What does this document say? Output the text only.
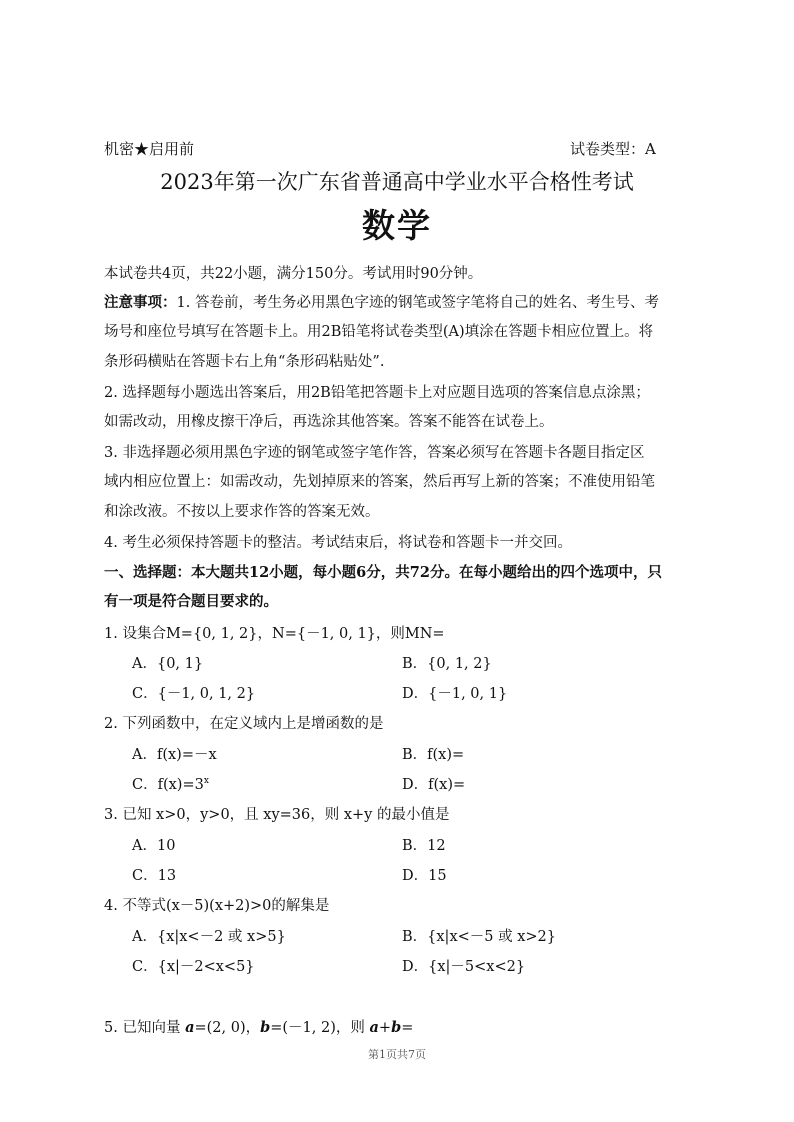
机密★启用前	试卷类型：A
2023年第一次广东省普通高中学业水平合格性考试
数学
本试卷共4页，共22小题，满分150分。考试用时90分钟。
注意事项：1. 答卷前，考生务必用黑色字迹的钢笔或签字笔将自己的姓名、考生号、考
场号和座位号填写在答题卡上。用2B铅笔将试卷类型(A)填涂在答题卡相应位置上。将
条形码横贴在答题卡右上角“条形码粘贴处”.
2. 选择题每小题选出答案后，用2B铅笔把答题卡上对应题目选项的答案信息点涂黑；
如需改动，用橡皮擦干净后，再选涂其他答案。答案不能答在试卷上。
3. 非选择题必须用黑色字迹的钢笔或签字笔作答，答案必须写在答题卡各题目指定区
域内相应位置上：如需改动，先划掉原来的答案，然后再写上新的答案；不准使用铅笔
和涂改液。不按以上要求作答的答案无效。
4. 考生必须保持答题卡的整洁。考试结束后，将试卷和答题卡一并交回。
一、选择题：本大题共12小题，每小题6分，共72分。在每小题给出的四个选项中，只
有一项是符合题目要求的。
1. 设集合M={0, 1, 2}，N={－1, 0, 1}，则MN=
A．{0, 1}	B．{0, 1, 2}
C．{－1, 0, 1, 2}	D．{－1, 0, 1}
2. 下列函数中，在定义域内上是增函数的是
A．f(x)=－x	B．f(x)=
C．$f(x)=3^x$	D．f(x)=
3. 已知 x>0，y>0，且 xy=36，则 x+y 的最小值是
A．10	B．12
C．13	D．15
4. 不等式(x－5)(x+2)>0的解集是
A．{x|x<－2 或 x>5}	B．{x|x<－5 或 x>2}
C．{x|－2<x<5}	D．{x|－5<x<2}
5. 已知向量 a=(2, 0)，b=(－1, 2)，则 a+b=
第1页共7页
